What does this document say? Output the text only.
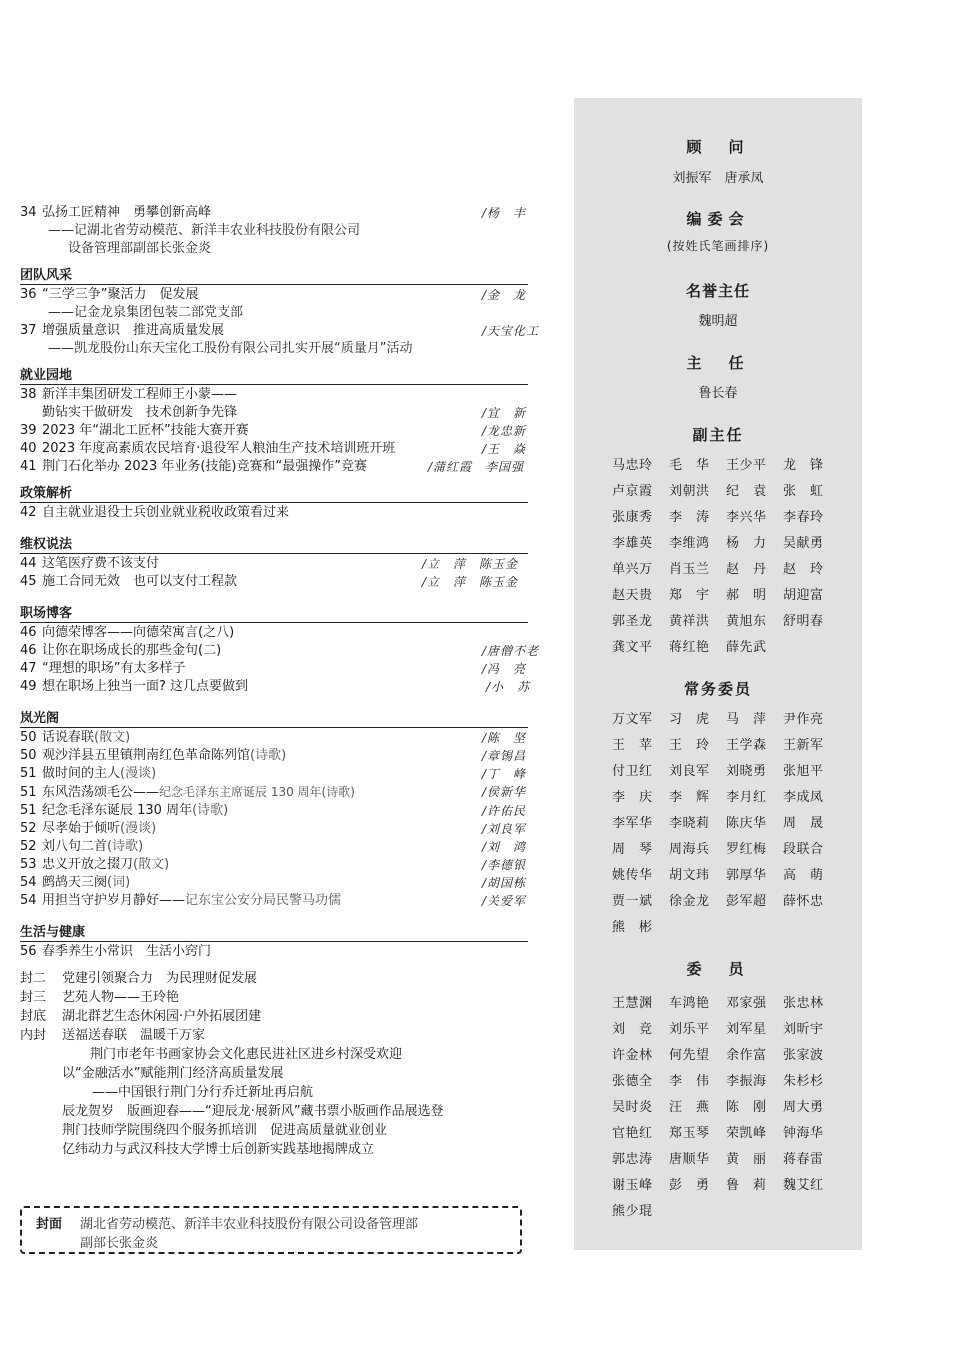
34 弘扬工匠精神　勇攀创新高峰	/杨　丰
——记湖北省劳动模范、新洋丰农业科技股份有限公司
设备管理部副部长张金炎
团队风采
36 “三学三争”聚活力　促发展	/金　龙
——记金龙泉集团包装二部党支部
37 增强质量意识　推进高质量发展	/天宝化工
——凯龙股份山东天宝化工股份有限公司扎实开展“质量月”活动
就业园地
38 新洋丰集团研发工程师王小蒙——
勤钻实干做研发　技术创新争先锋	/宜　新
39 2023 年“湖北工匠杯”技能大赛开赛	/龙忠新
40 2023 年度高素质农民培育·退役军人粮油生产技术培训班开班	/王　焱
41 荆门石化举办 2023 年业务(技能)竞赛和“最强操作”竞赛	/蒲红霞　李国强
政策解析
42 自主就业退役士兵创业就业税收政策看过来
维权说法
44 这笔医疗费不该支付	/立　萍　陈玉金
45 施工合同无效　也可以支付工程款	/立　萍　陈玉金
职场博客
46 向德荣博客——向德荣寓言(之八)
46 让你在职场成长的那些金句(二)	/唐僧不老
47 “理想的职场”有太多样子	/冯　亮
49 想在职场上独当一面? 这几点要做到	/小　苏
岚光阁
50 话说春联(散文)	/陈　坚
50 观沙洋县五里镇荆南红色革命陈列馆(诗歌)	/章锡昌
51 做时间的主人(漫谈)	/丁　峰
51 东风浩荡颂毛公——纪念毛泽东主席诞辰 130 周年(诗歌)	/侯新华
51 纪念毛泽东诞辰 130 周年(诗歌)	/许佑民
52 尽孝始于倾听(漫谈)	/刘良军
52 刘八句二首(诗歌)	/刘　鸿
53 忠义开放之掇刀(散文)	/李德银
54 鹧鸪天三阕(词)	/胡国栋
54 用担当守护岁月静好——记东宝公安分局民警马功儒	/关爱军
生活与健康
56 春季养生小常识　生活小窍门
封二 党建引领聚合力　为民理财促发展
封三 艺苑人物——王玲艳
封底 湖北群艺生态休闲园·户外拓展团建
内封 送福送春联　温暖千万家
荆门市老年书画家协会文化惠民进社区进乡村深受欢迎
以“金融活水”赋能荆门经济高质量发展
——中国银行荆门分行乔迁新址再启航
辰龙贺岁　版画迎春——“迎辰龙·展新风”藏书票小版画作品展选登
荆门技师学院围绕四个服务抓培训　促进高质量就业创业
亿纬动力与武汉科技大学博士后创新实践基地揭牌成立
封面 湖北省劳动模范、新洋丰农业科技股份有限公司设备管理部
副部长张金炎
顾　问
刘振军　唐承凤
编委会
(按姓氏笔画排序)
名誉主任
魏明超
主　任
鲁长春
副主任
马忠玲 毛　华 王少平 龙　锋
卢京霞 刘朝洪 纪　袁 张　虹
张康秀 李　涛 李兴华 李春玲
李雄英 李维鸿 杨　力 吴献勇
单兴万 肖玉兰 赵　丹 赵　玲
赵天贵 郑　宇 郝　明 胡迎富
郭圣龙 黄祥洪 黄旭东 舒明春
龚文平 蒋红艳 薛先武
常务委员
万文军 习　虎 马　萍 尹作亮
王　苹 王　玲 王学森 王新军
付卫红 刘良军 刘晓勇 张旭平
李　庆 李　辉 李月红 李成凤
李军华 李晓莉 陈庆华 周　晟
周　琴 周海兵 罗红梅 段联合
姚传华 胡文玮 郭厚华 高　萌
贾一斌 徐金龙 彭军超 薛怀忠
熊　彬
委　员
王慧渊 车鸿艳 邓家强 张忠林
刘　竞 刘乐平 刘军星 刘昕宇
许金林 何先望 余作富 张家波
张德全 李　伟 李振海 朱杉杉
吴时炎 汪　燕 陈　刚 周大勇
官艳红 郑玉琴 荣凯峰 钟海华
郭忠涛 唐顺华 黄　丽 蒋春雷
谢玉峰 彭　勇 鲁　莉 魏艾红
熊少琨
